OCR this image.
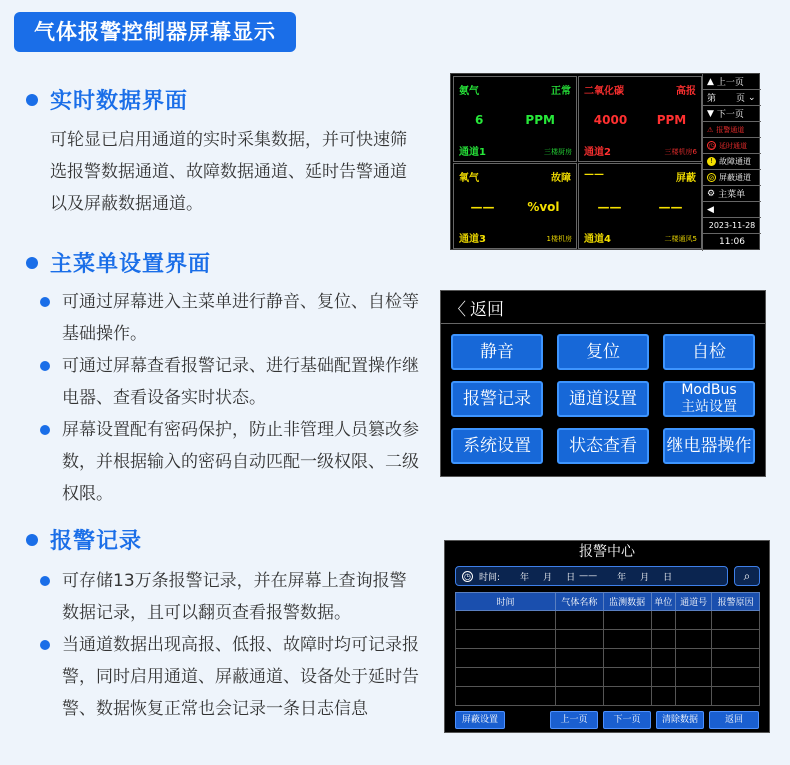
气体报警控制器屏幕显示
实时数据界面
可轮显已启用通道的实时采集数据，并可快速筛
选报警数据通道、故障数据通道、延时告警通道
以及屏蔽数据通道。
主菜单设置界面
可通过屏幕进入主菜单进行静音、复位、自检等基础操作。
可通过屏幕查看报警记录、进行基础配置操作继电器、查看设备实时状态。
屏幕设置配有密码保护，防止非管理人员篡改参数，并根据输入的密码自动匹配一级权限、二级权限。
报警记录
可存储13万条报警记录，并在屏幕上查询报警数据记录，且可以翻页查看报警数据。
当通道数据出现高报、低报、故障时均可记录报警，同时启用通道、屏蔽通道、设备处于延时告警、数据恢复正常也会记录一条日志信息
氨气	正常
6	PPM
通道1	三楼厨房
二氧化碳	高报
4000 PPM
通道2	三楼机房6
氧气	故障
——	%vol
通道3	1楼机房
——	屏蔽
——	——
通道4	二楼通风5
▲ 上一页
第 页 ⌄
▼ 下一页
⚠ 报警通道
◷ 延时通道
! 故障通道
⊘ 屏蔽通道
⚙ 主菜单
◀
2023-11-28
11:06
〈 返回
静音	复位	自检
报警记录	通道设置	ModBus 主站设置
系统设置	状态查看	继电器操作
报警中心
◷ 时间: 年 月 日 —— 年 月 日	⌕
时间	气体名称	监测数据	单位	通道号	报警原因

屏蔽设置	上一页	下一页	清除数据	返回
